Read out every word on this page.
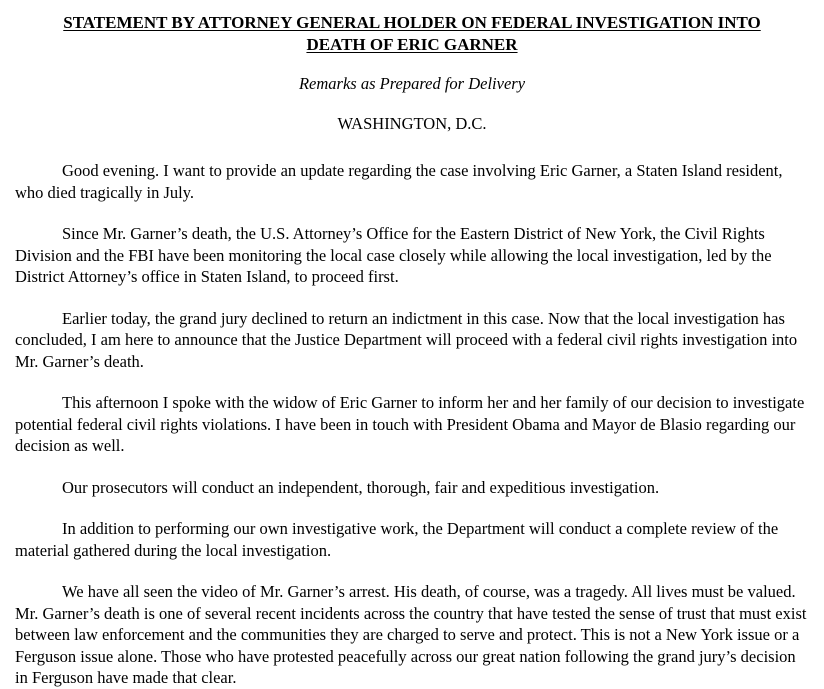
STATEMENT BY ATTORNEY GENERAL HOLDER ON FEDERAL INVESTIGATION INTO
DEATH OF ERIC GARNER

Remarks as Prepared for Delivery

WASHINGTON, D.C.

Good evening. I want to provide an update regarding the case involving Eric Garner, a Staten Island resident, who died tragically in July.

Since Mr. Garner’s death, the U.S. Attorney’s Office for the Eastern District of New York, the Civil Rights Division and the FBI have been monitoring the local case closely while allowing the local investigation, led by the District Attorney’s office in Staten Island, to proceed first.

Earlier today, the grand jury declined to return an indictment in this case. Now that the local investigation has concluded, I am here to announce that the Justice Department will proceed with a federal civil rights investigation into Mr. Garner’s death.

This afternoon I spoke with the widow of Eric Garner to inform her and her family of our decision to investigate potential federal civil rights violations. I have been in touch with President Obama and Mayor de Blasio regarding our decision as well.

Our prosecutors will conduct an independent, thorough, fair and expeditious investigation.

In addition to performing our own investigative work, the Department will conduct a complete review of the material gathered during the local investigation.

We have all seen the video of Mr. Garner’s arrest. His death, of course, was a tragedy. All lives must be valued. Mr. Garner’s death is one of several recent incidents across the country that have tested the sense of trust that must exist between law enforcement and the communities they are charged to serve and protect. This is not a New York issue or a Ferguson issue alone. Those who have protested peacefully across our great nation following the grand jury’s decision in Ferguson have made that clear.
